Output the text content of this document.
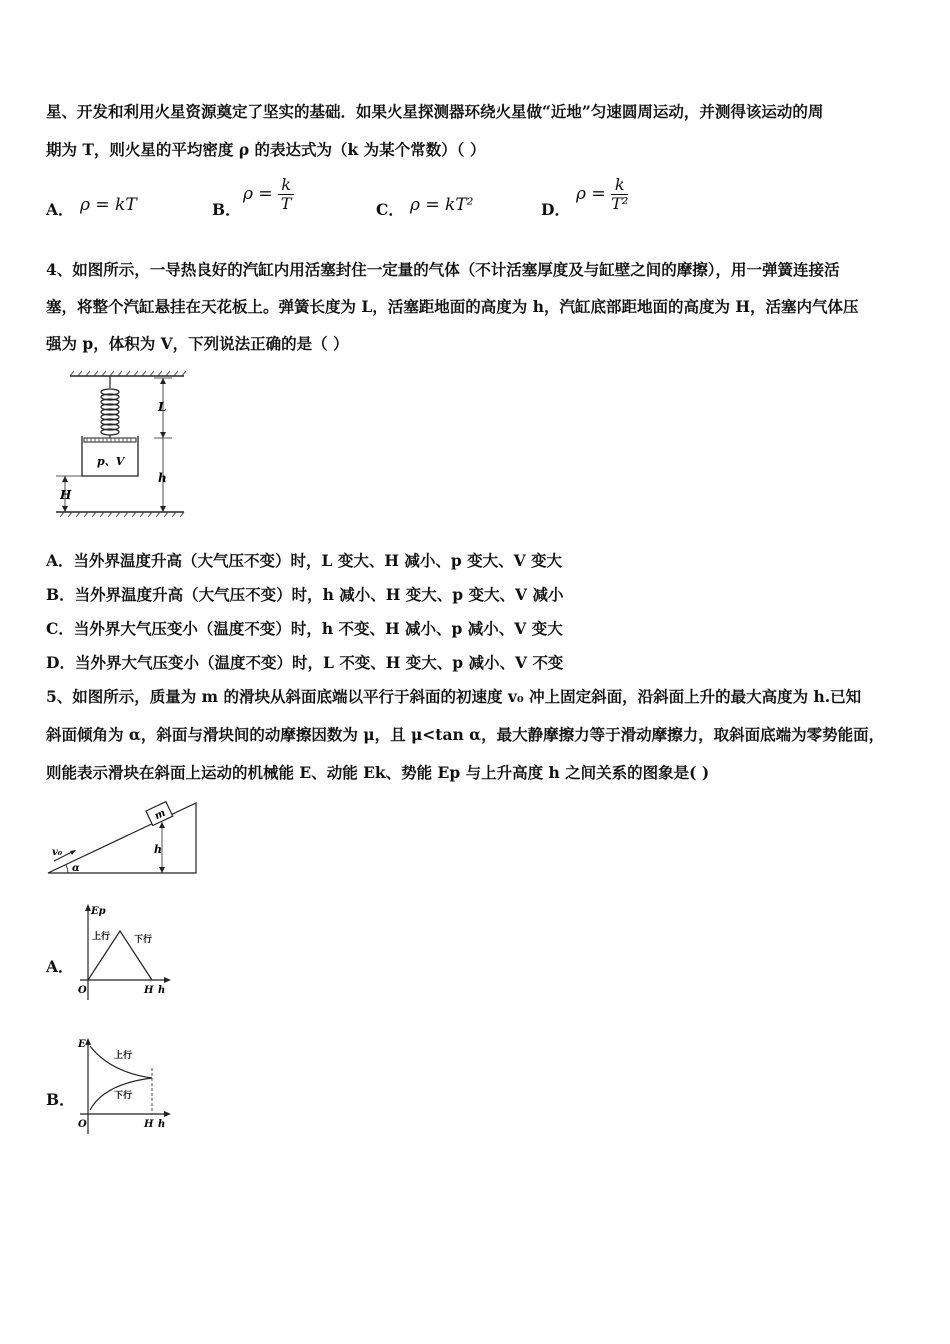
星、开发和利用火星资源奠定了坚实的基础．如果火星探测器环绕火星做“近地”匀速圆周运动，并测得该运动的周
期为 T，则火星的平均密度 ρ 的表达式为（k 为某个常数）（ ）
A． ρ = kT	B．
$\rho = \frac{k}{T}$	C． ρ = kT²	D．
$\rho = \frac{k}{\text{T²}}$
4、如图所示，一导热良好的汽缸内用活塞封住一定量的气体（不计活塞厚度及与缸壁之间的摩擦），用一弹簧连接活
塞，将整个汽缸悬挂在天花板上。弹簧长度为 L，活塞距地面的高度为 h，汽缸底部距地面的高度为 H，活塞内气体压
强为 p，体积为 V，下列说法正确的是（ ）
p、V
L
h
H
A．当外界温度升高（大气压不变）时，L 变大、H 减小、p 变大、V 变大
B．当外界温度升高（大气压不变）时，h 减小、H 变大、p 变大、V 减小
C．当外界大气压变小（温度不变）时，h 不变、H 减小、p 减小、V 变大
D．当外界大气压变小（温度不变）时，L 不变、H 变大、p 减小、V 不变
5、如图所示，质量为 m 的滑块从斜面底端以平行于斜面的初速度 v₀ 冲上固定斜面，沿斜面上升的最大高度为 h.已知
斜面倾角为 α，斜面与滑块间的动摩擦因数为 μ，且 μ<tan α，最大静摩擦力等于滑动摩擦力，取斜面底端为零势能面，
则能表示滑块在斜面上运动的机械能 E、动能 Ek、势能 Ep 与上升高度 h 之间关系的图象是( )
m
h
v₀
α
A．
Ep
上行	下行
O	H h
B．
E
上行
下行
O	H h
